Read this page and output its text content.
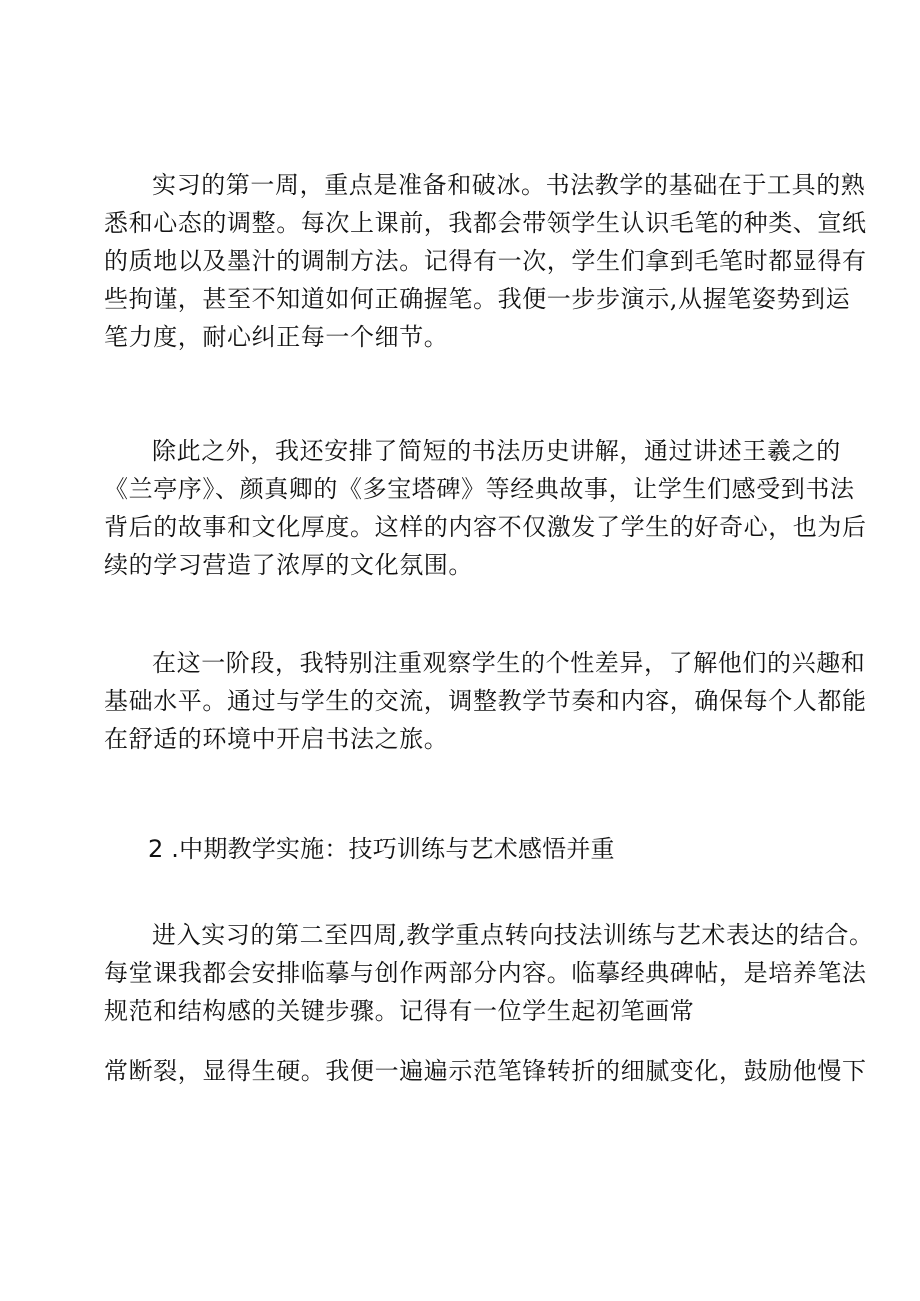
实习的第一周，重点是准备和破冰。书法教学的基础在于工具的熟
悉和心态的调整。每次上课前，我都会带领学生认识毛笔的种类、宣纸
的质地以及墨汁的调制方法。记得有一次，学生们拿到毛笔时都显得有
些拘谨，甚至不知道如何正确握笔。我便一步步演示,从握笔姿势到运
笔力度，耐心纠正每一个细节。

除此之外，我还安排了简短的书法历史讲解，通过讲述王羲之的
《兰亭序》、颜真卿的《多宝塔碑》等经典故事，让学生们感受到书法
背后的故事和文化厚度。这样的内容不仅激发了学生的好奇心，也为后
续的学习营造了浓厚的文化氛围。

在这一阶段，我特别注重观察学生的个性差异，了解他们的兴趣和
基础水平。通过与学生的交流，调整教学节奏和内容，确保每个人都能
在舒适的环境中开启书法之旅。

2 .中期教学实施：技巧训练与艺术感悟并重

进入实习的第二至四周,教学重点转向技法训练与艺术表达的结合。
每堂课我都会安排临摹与创作两部分内容。临摹经典碑帖，是培养笔法
规范和结构感的关键步骤。记得有一位学生起初笔画常

常断裂，显得生硬。我便一遍遍示范笔锋转折的细腻变化，鼓励他慢下
